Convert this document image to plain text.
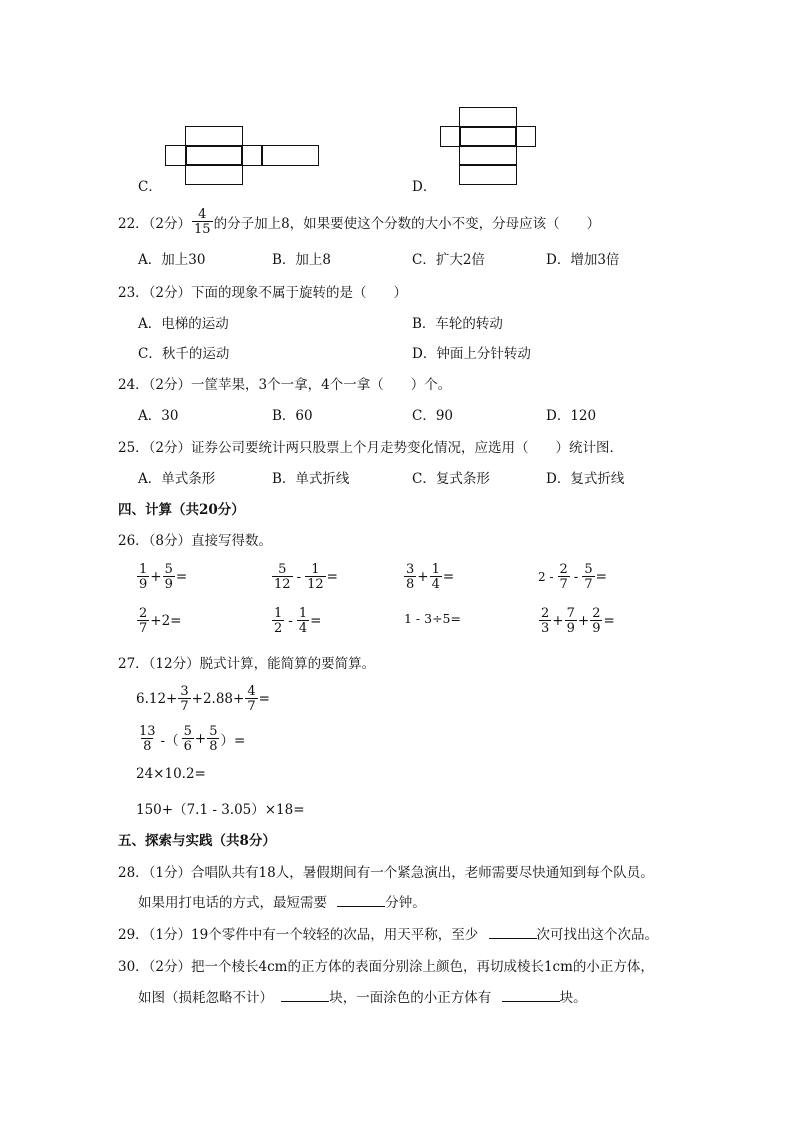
C．	D．
22．（2分） $\frac{4}{15}$ 的分子加上8，如果要使这个分数的大小不变，分母应该（　　）
A．加上30	B．加上8	C．扩大2倍	D．增加3倍
23．（2分）下面的现象不属于旋转的是（　　）
A．电梯的运动	B．车轮的转动
C．秋千的运动	D．钟面上分针转动
24．（2分）一筐苹果，3个一拿，4个一拿（　　）个。
A．30	B．60	C．90	D．120
25．（2分）证券公司要统计两只股票上个月走势变化情况，应选用（　　）统计图．
A．单式条形	B．单式折线	C．复式条形	D．复式折线
四、计算（共20分）
26．（8分）直接写得数。
$\frac{1}{9} + \frac{5}{9}$ =	$\frac{5}{12} - \frac{1}{12}$ =	$\frac{3}{8} + \frac{1}{4}$ =	$2 - \frac{2}{7} - \frac{5}{7}$ =
$\frac{2}{7} +2=$	$\frac{1}{2} - \frac{1}{4}$ =	1 - 3÷5=	$\frac{2}{3} + \frac{7}{9} + \frac{2}{9}$ =
27．（12分）脱式计算，能简算的要简算。
$6.12+ \frac{3}{7} +2.88+ \frac{4}{7}$ =
$\frac{13}{8}$ -（ $\frac{5}{6} + \frac{5}{8}$ ）=
24×10.2=
150+（7.1 - 3.05）×18=
五、探索与实践（共8分）
28．（1分）合唱队共有18人，暑假期间有一个紧急演出，老师需要尽快通知到每个队员。
如果用打电话的方式，最短需要	分钟。
29．（1分）19个零件中有一个较轻的次品，用天平称，至少	次可找出这个次品。
30．（2分）把一个棱长4cm的正方体的表面分别涂上颜色，再切成棱长1cm的小正方体，
如图（损耗忽略不计）	块，一面涂色的小正方体有	块。
